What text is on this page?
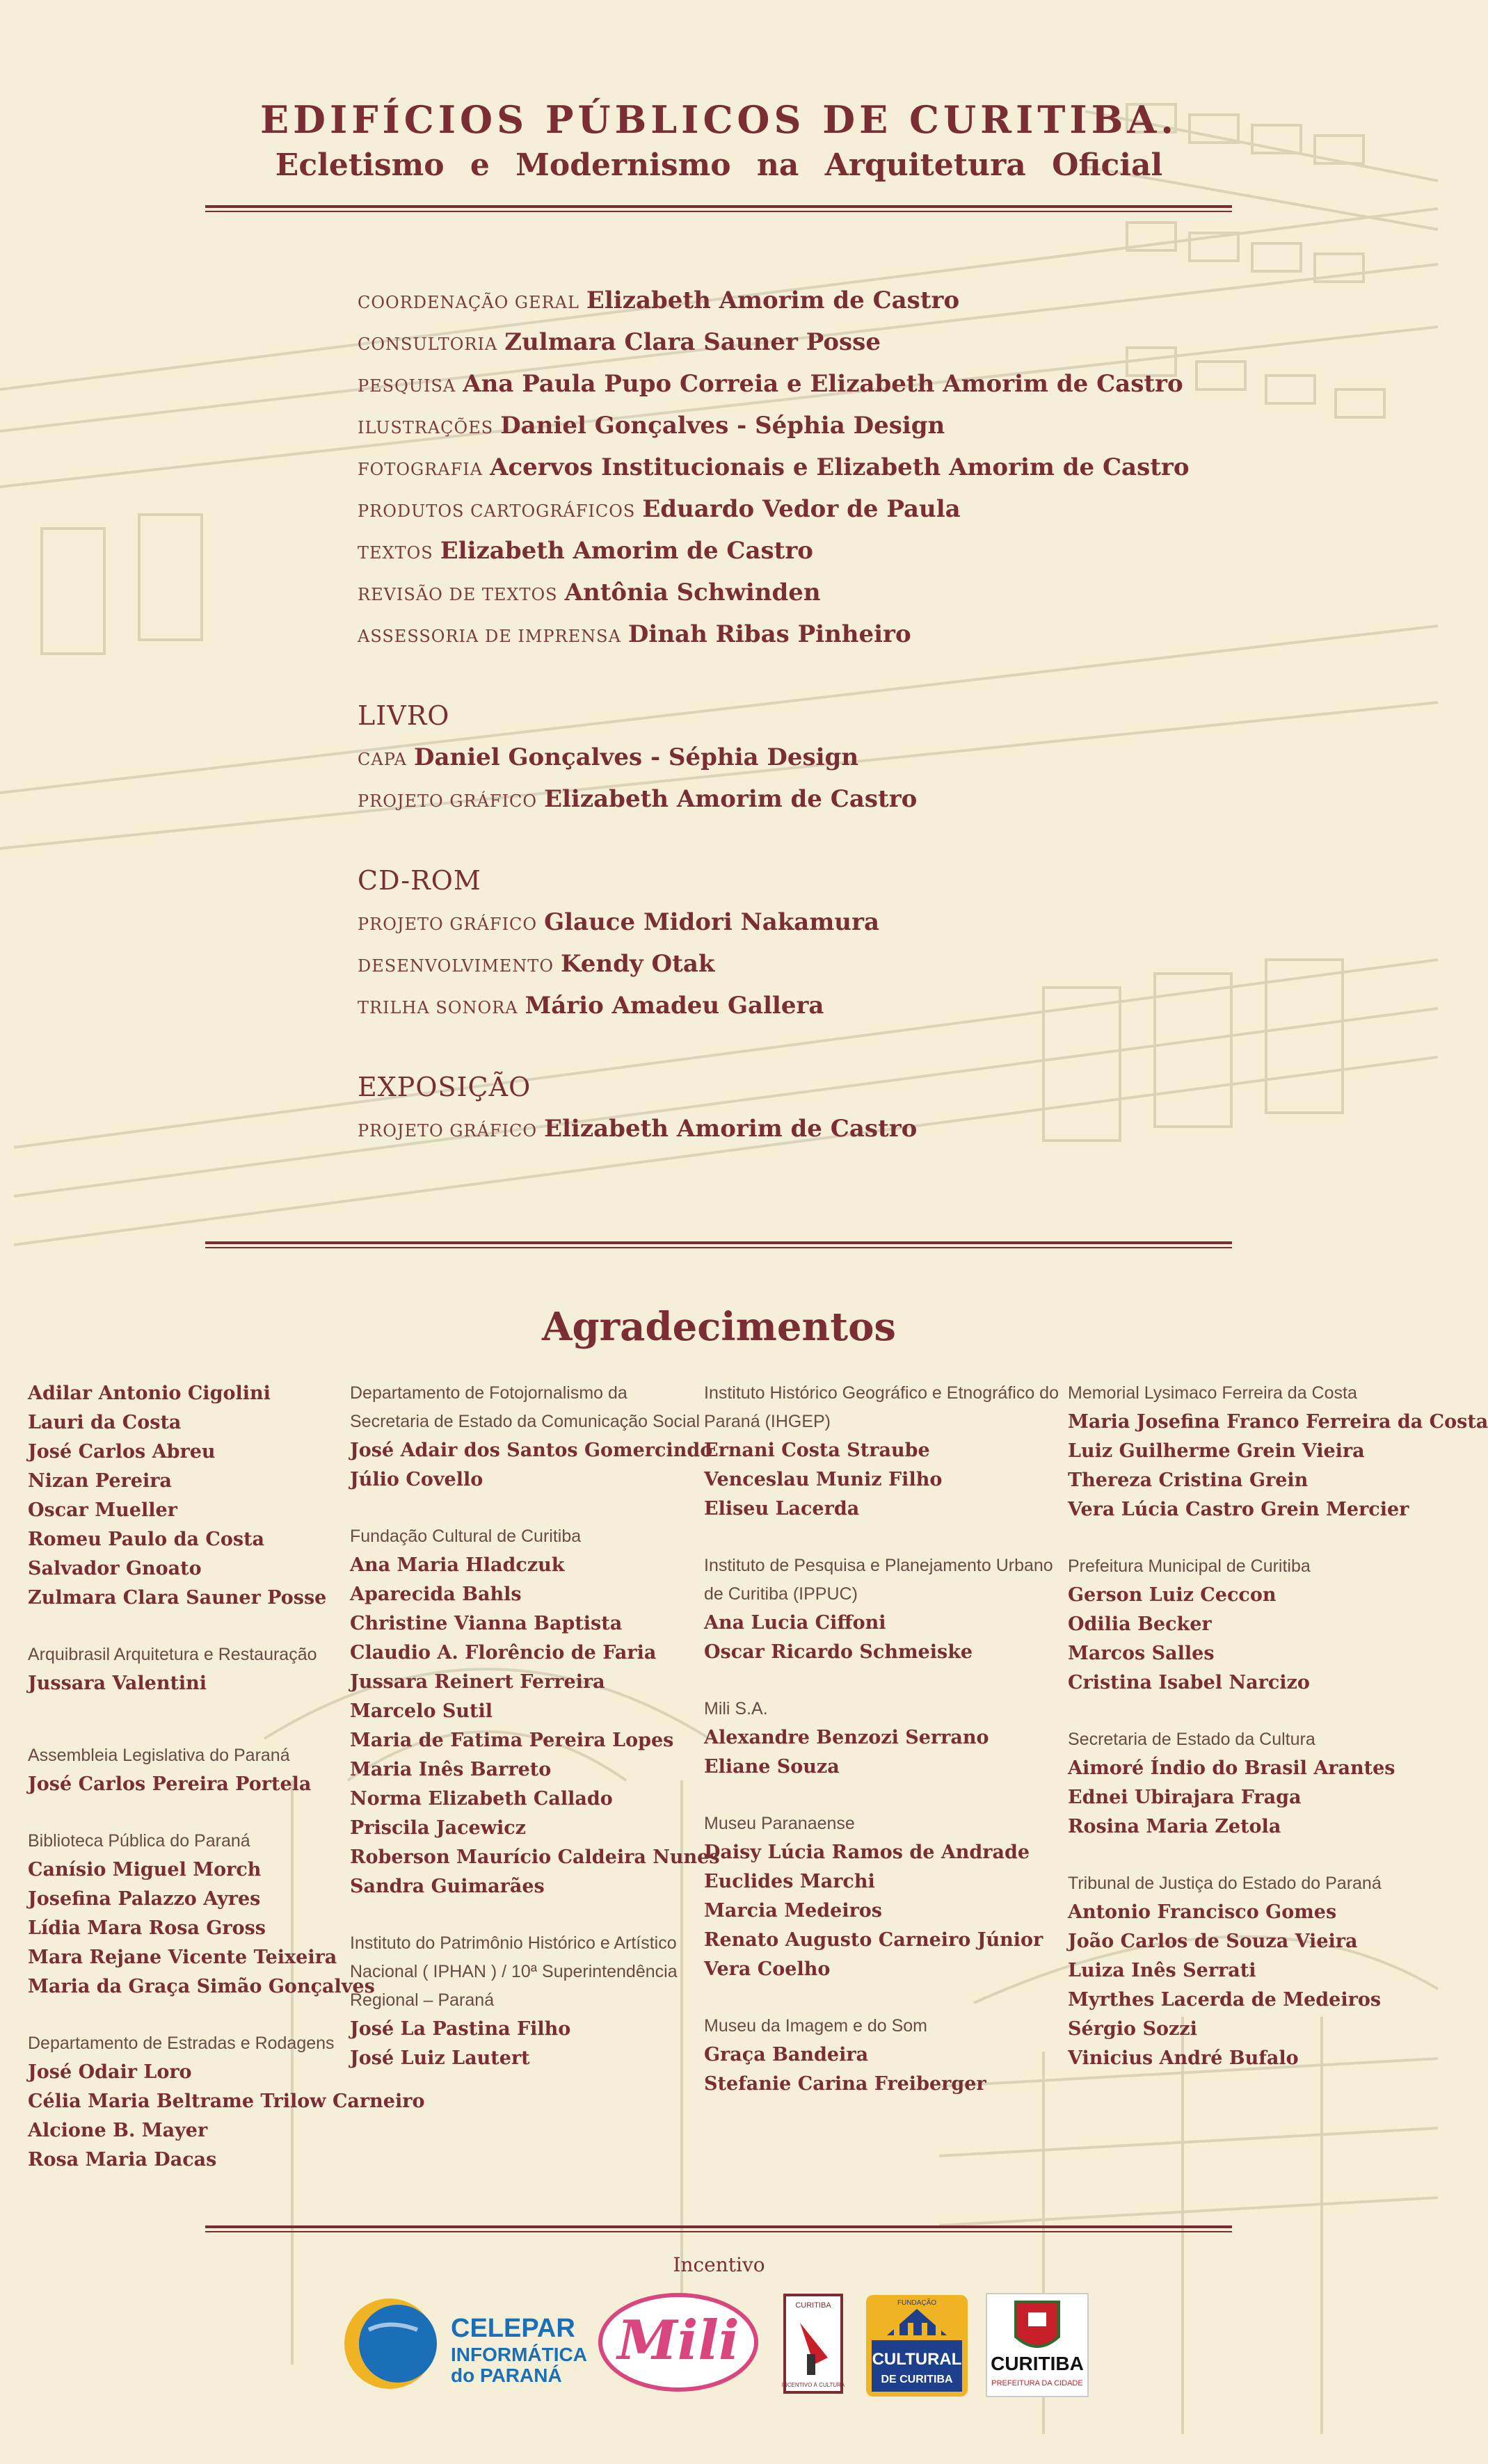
EDIFÍCIOS PÚBLICOS DE CURITIBA.
Ecletismo e Modernismo na Arquitetura Oficial
COORDENAÇÃO GERAL Elizabeth Amorim de Castro
CONSULTORIA Zulmara Clara Sauner Posse
PESQUISA Ana Paula Pupo Correia e Elizabeth Amorim de Castro
ILUSTRAÇÕES Daniel Gonçalves - Séphia Design
FOTOGRAFIA Acervos Institucionais e Elizabeth Amorim de Castro
PRODUTOS CARTOGRÁFICOS Eduardo Vedor de Paula
TEXTOS Elizabeth Amorim de Castro
REVISÃO DE TEXTOS Antônia Schwinden
ASSESSORIA DE IMPRENSA Dinah Ribas Pinheiro
LIVRO
CAPA Daniel Gonçalves - Séphia Design
PROJETO GRÁFICO Elizabeth Amorim de Castro
CD-ROM
PROJETO GRÁFICO Glauce Midori Nakamura
DESENVOLVIMENTO Kendy Otak
TRILHA SONORA Mário Amadeu Gallera
EXPOSIÇÃO
PROJETO GRÁFICO Elizabeth Amorim de Castro
Agradecimentos
Adilar Antonio Cigolini
Lauri da Costa
José Carlos Abreu
Nizan Pereira
Oscar Mueller
Romeu Paulo da Costa
Salvador Gnoato
Zulmara Clara Sauner Posse
Arquibrasil Arquitetura e Restauração
Jussara Valentini
Assembleia Legislativa do Paraná
José Carlos Pereira Portela
Biblioteca Pública do Paraná
Canísio Miguel Morch
Josefina Palazzo Ayres
Lídia Mara Rosa Gross
Mara Rejane Vicente Teixeira
Maria da Graça Simão Gonçalves
Departamento de Estradas e Rodagens
José Odair Loro
Célia Maria Beltrame Trilow Carneiro
Alcione B. Mayer
Rosa Maria Dacas
Departamento de Fotojornalismo da
Secretaria de Estado da Comunicação Social
José Adair dos Santos Gomercindo
Júlio Covello
Fundação Cultural de Curitiba
Ana Maria Hladczuk
Aparecida Bahls
Christine Vianna Baptista
Claudio A. Florêncio de Faria
Jussara Reinert Ferreira
Marcelo Sutil
Maria de Fatima Pereira Lopes
Maria Inês Barreto
Norma Elizabeth Callado
Priscila Jacewicz
Roberson Maurício Caldeira Nunes
Sandra Guimarães
Instituto do Patrimônio Histórico e Artístico
Nacional ( IPHAN ) / 10ª Superintendência
Regional – Paraná
José La Pastina Filho
José Luiz Lautert
Instituto Histórico Geográfico e Etnográfico do
Paraná (IHGEP)
Ernani Costa Straube
Venceslau Muniz Filho
Eliseu Lacerda
Instituto de Pesquisa e Planejamento Urbano
de Curitiba (IPPUC)
Ana Lucia Ciffoni
Oscar Ricardo Schmeiske
Mili S.A.
Alexandre Benzozi Serrano
Eliane Souza
Museu Paranaense
Daisy Lúcia Ramos de Andrade
Euclides Marchi
Marcia Medeiros
Renato Augusto Carneiro Júnior
Vera Coelho
Museu da Imagem e do Som
Graça Bandeira
Stefanie Carina Freiberger
Memorial Lysimaco Ferreira da Costa
Maria Josefina Franco Ferreira da Costa
Luiz Guilherme Grein Vieira
Thereza Cristina Grein
Vera Lúcia Castro Grein Mercier
Prefeitura Municipal de Curitiba
Gerson Luiz Ceccon
Odilia Becker
Marcos Salles
Cristina Isabel Narcizo
Secretaria de Estado da Cultura
Aimoré Índio do Brasil Arantes
Ednei Ubirajara Fraga
Rosina Maria Zetola
Tribunal de Justiça do Estado do Paraná
Antonio Francisco Gomes
João Carlos de Souza Vieira
Luiza Inês Serrati
Myrthes Lacerda de Medeiros
Sérgio Sozzi
Vinicius André Bufalo
Incentivo
CELEPAR
INFORMÁTICA
do PARANÁ
Mili
CURITIBA
INCENTIVO À CULTURA
CULTURAL
DE CURITIBA
FUNDAÇÃO
CURITIBA
PREFEITURA DA CIDADE
